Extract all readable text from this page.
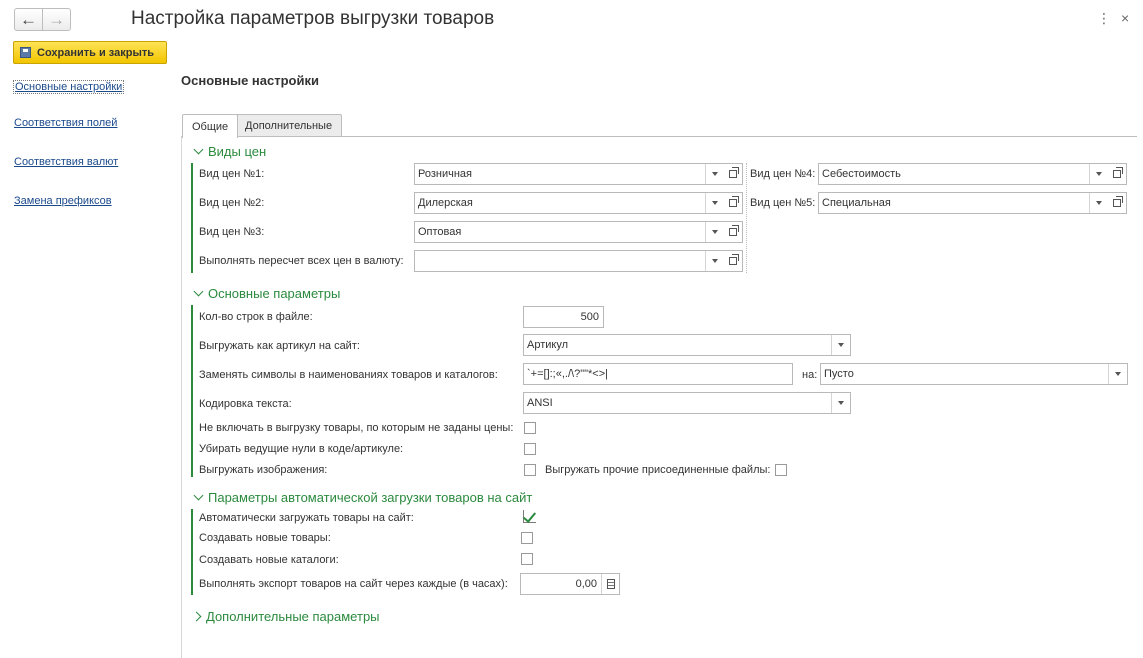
← →	Настройка параметров выгрузки товаров	⋮ ×
Сохранить и закрыть
Основные настройки
Соответствия полей
Соответствия валют
Замена префиксов
Основные настройки
Общие	Дополнительные
Виды цен
Вид цен №1:	Розничная
Вид цен №2:	Дилерская
Вид цен №3:	Оптовая
Выполнять пересчет всех цен в валюту:
Вид цен №4: Себестоимость
Вид цен №5: Специальная
Основные параметры
Кол-во строк в файле:	500
Выгружать как артикул на сайт:	Артикул
Заменять символы в наименованиях товаров и каталогов:	`+=[]:;«,./\?""*<>|	на: Пусто
Кодировка текста:	ANSI
Не включать в выгрузку товары, по которым не заданы цены:
Убирать ведущие нули в коде/артикуле:
Выгружать изображения:	Выгружать прочие присоединенные файлы:
Параметры автоматической загрузки товаров на сайт
Автоматически загружать товары на сайт:
Создавать новые товары:
Создавать новые каталоги:
Выполнять экспорт товаров на сайт через каждые (в часах):	0,00
Дополнительные параметры
